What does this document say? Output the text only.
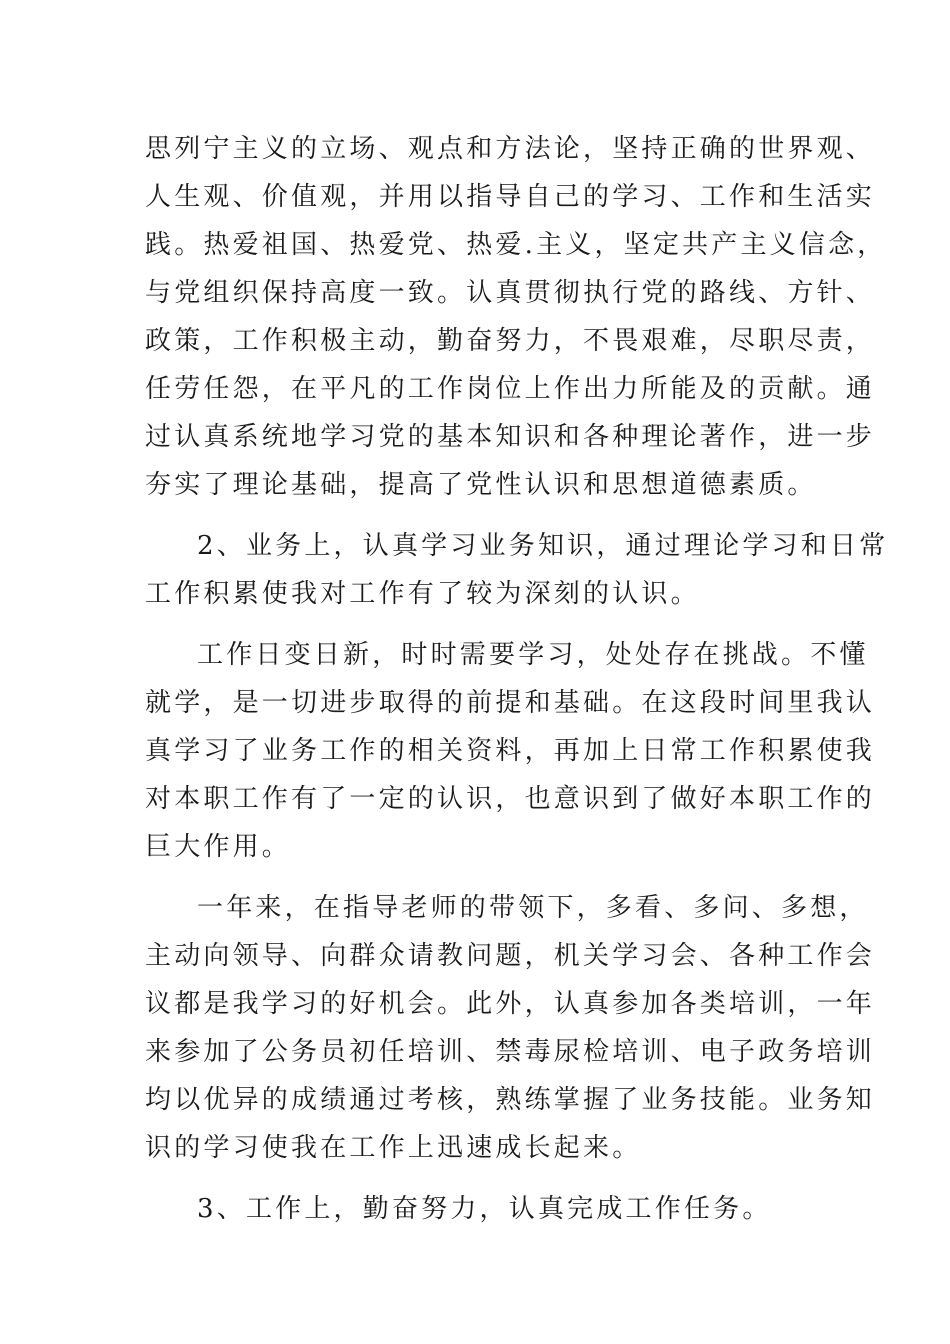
思列宁主义的立场、观点和方法论，坚持正确的世界观、
人生观、价值观，并用以指导自己的学习、工作和生活实
践。热爱祖国、热爱党、热爱.主义，坚定共产主义信念，
与党组织保持高度一致。认真贯彻执行党的路线、方针、
政策，工作积极主动，勤奋努力，不畏艰难，尽职尽责，
任劳任怨，在平凡的工作岗位上作出力所能及的贡献。通
过认真系统地学习党的基本知识和各种理论著作，进一步
夯实了理论基础，提高了党性认识和思想道德素质。
2、业务上，认真学习业务知识，通过理论学习和日常
工作积累使我对工作有了较为深刻的认识。
工作日变日新，时时需要学习，处处存在挑战。不懂
就学，是一切进步取得的前提和基础。在这段时间里我认
真学习了业务工作的相关资料，再加上日常工作积累使我
对本职工作有了一定的认识，也意识到了做好本职工作的
巨大作用。
一年来，在指导老师的带领下，多看、多问、多想，
主动向领导、向群众请教问题，机关学习会、各种工作会
议都是我学习的好机会。此外，认真参加各类培训，一年
来参加了公务员初任培训、禁毒尿检培训、电子政务培训
均以优异的成绩通过考核，熟练掌握了业务技能。业务知
识的学习使我在工作上迅速成长起来。
3、工作上，勤奋努力，认真完成工作任务。
